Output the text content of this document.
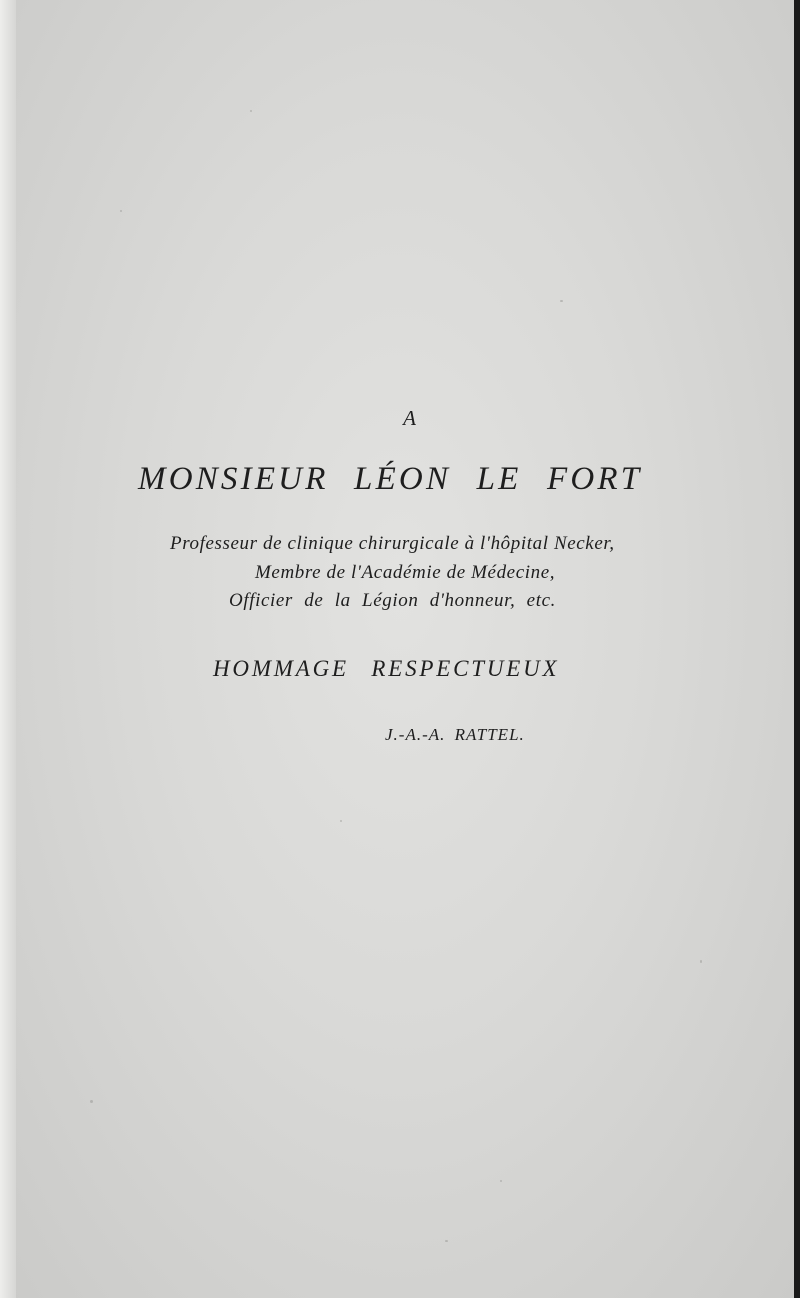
A
MONSIEUR LÉON LE FORT
Professeur de clinique chirurgicale à l'hôpital Necker,
Membre de l'Académie de Médecine,
Officier de la Légion d'honneur, etc.
HOMMAGE RESPECTUEUX
J.-A.-A. RATTEL.
